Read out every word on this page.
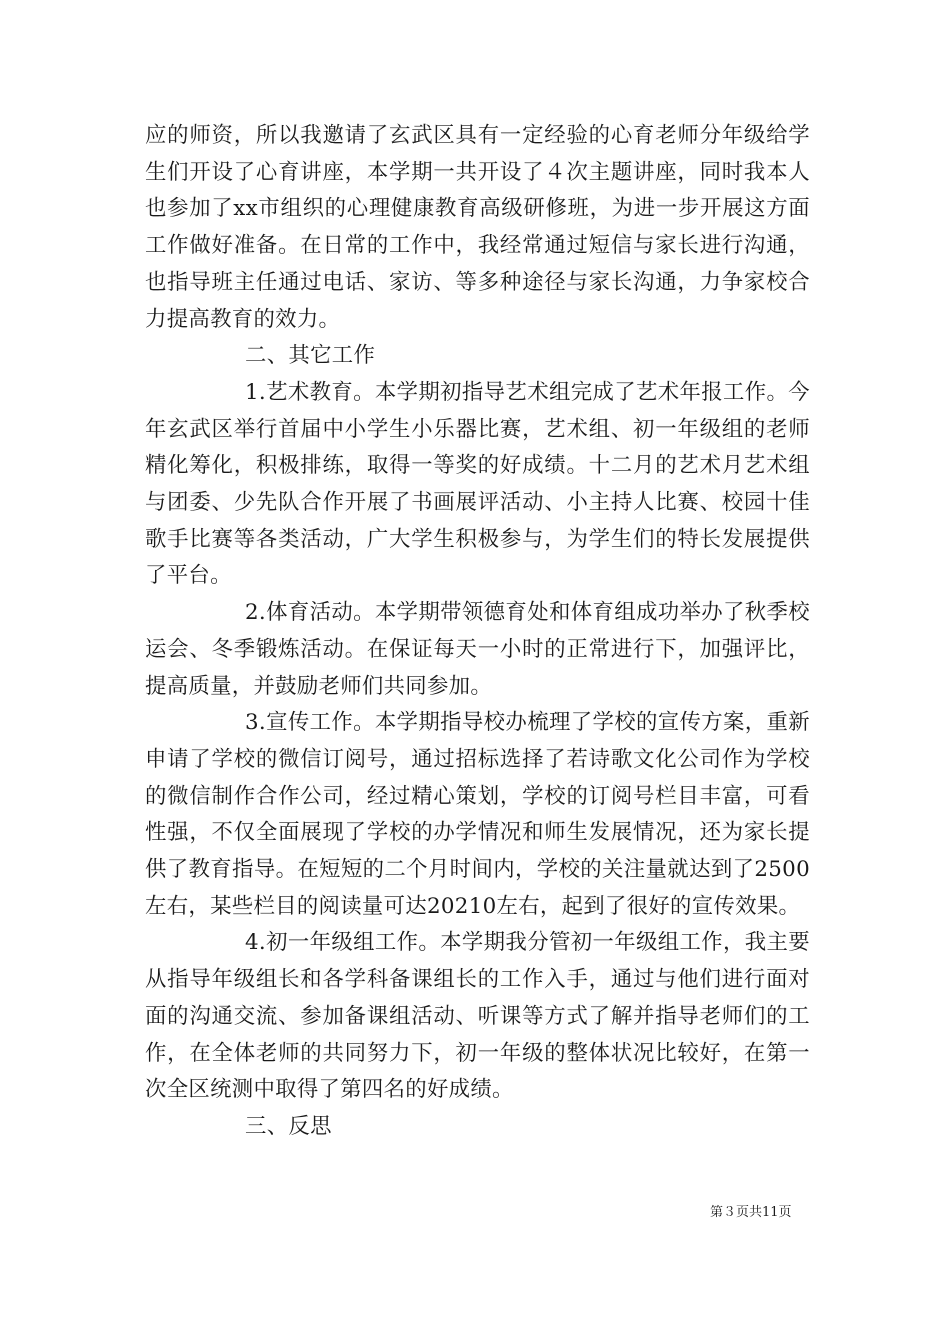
应的师资，所以我邀请了玄武区具有一定经验的心育老师分年级给学生们开设了心育讲座，本学期一共开设了４次主题讲座，同时我本人也参加了xx市组织的心理健康教育高级研修班，为进一步开展这方面工作做好准备。在日常的工作中，我经常通过短信与家长进行沟通，也指导班主任通过电话、家访、等多种途径与家长沟通，力争家校合力提高教育的效力。

二、其它工作

1.艺术教育。本学期初指导艺术组完成了艺术年报工作。今年玄武区举行首届中小学生小乐器比赛，艺术组、初一年级组的老师精化筹化，积极排练，取得一等奖的好成绩。十二月的艺术月艺术组与团委、少先队合作开展了书画展评活动、小主持人比赛、校园十佳歌手比赛等各类活动，广大学生积极参与，为学生们的特长发展提供了平台。

2.体育活动。本学期带领德育处和体育组成功举办了秋季校运会、冬季锻炼活动。在保证每天一小时的正常进行下，加强评比，提高质量，并鼓励老师们共同参加。

3.宣传工作。本学期指导校办梳理了学校的宣传方案，重新申请了学校的微信订阅号，通过招标选择了若诗歌文化公司作为学校的微信制作合作公司，经过精心策划，学校的订阅号栏目丰富，可看性强，不仅全面展现了学校的办学情况和师生发展情况，还为家长提供了教育指导。在短短的二个月时间内，学校的关注量就达到了2500左右，某些栏目的阅读量可达20210左右，起到了很好的宣传效果。

4.初一年级组工作。本学期我分管初一年级组工作，我主要从指导年级组长和各学科备课组长的工作入手，通过与他们进行面对面的沟通交流、参加备课组活动、听课等方式了解并指导老师们的工作，在全体老师的共同努力下，初一年级的整体状况比较好，在第一次全区统测中取得了第四名的好成绩。

三、反思

第３页共11页
